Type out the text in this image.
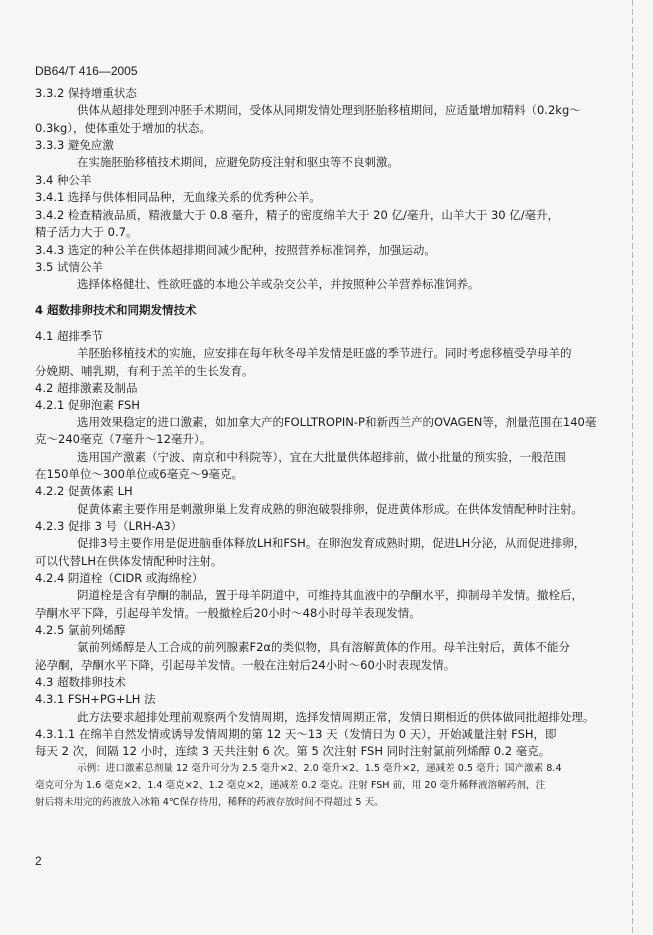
DB64/T 416—2005
3.3.2 保持增重状态
供体从超排处理到冲胚手术期间，受体从同期发情处理到胚胎移植期间，应适量增加精料（0.2kg～
0.3kg），使体重处于增加的状态。
3.3.3 避免应激
在实施胚胎移植技术期间，应避免防疫注射和驱虫等不良刺激。
3.4 种公羊
3.4.1 选择与供体相同品种，无血缘关系的优秀种公羊。
3.4.2 检查精液品质，精液量大于 0.8 毫升，精子的密度绵羊大于 20 亿/毫升，山羊大于 30 亿/毫升，
精子活力大于 0.7。
3.4.3 选定的种公羊在供体超排期间减少配种，按照营养标准饲养，加强运动。
3.5 试情公羊
选择体格健壮、性欲旺盛的本地公羊或杂交公羊，并按照种公羊营养标准饲养。
4 超数排卵技术和同期发情技术
4.1 超排季节
羊胚胎移植技术的实施，应安排在每年秋冬母羊发情是旺盛的季节进行。同时考虑移植受孕母羊的
分娩期、哺乳期，有利于羔羊的生长发育。
4.2 超排激素及制品
4.2.1 促卵泡素 FSH
选用效果稳定的进口激素，如加拿大产的FOLLTROPIN-P和新西兰产的OVAGEN等，剂量范围在140毫
克～240毫克（7毫升～12毫升）。
选用国产激素（宁波、南京和中科院等），宜在大批量供体超排前，做小批量的预实验，一般范围
在150单位～300单位或6毫克～9毫克。
4.2.2 促黄体素 LH
促黄体素主要作用是刺激卵巢上发育成熟的卵泡破裂排卵，促进黄体形成。在供体发情配种时注射。
4.2.3 促排 3 号（LRH-A3）
促排3号主要作用是促进脑垂体释放LH和FSH。在卵泡发育成熟时期，促进LH分泌，从而促进排卵，
可以代替LH在供体发情配种时注射。
4.2.4 阴道栓（CIDR 或海绵栓）
阴道栓是含有孕酮的制品，置于母羊阴道中，可维持其血液中的孕酮水平，抑制母羊发情。撤栓后，
孕酮水平下降，引起母羊发情。一般撤栓后20小时～48小时母羊表现发情。
4.2.5 氯前列烯醇
氯前列烯醇是人工合成的前列腺素F2α的类似物，具有溶解黄体的作用。母羊注射后，黄体不能分
泌孕酮，孕酮水平下降，引起母羊发情。一般在注射后24小时～60小时表现发情。
4.3 超数排卵技术
4.3.1 FSH+PG+LH 法
此方法要求超排处理前观察两个发情周期，选择发情周期正常，发情日期相近的供体做同批超排处理。
4.3.1.1 在绵羊自然发情或诱导发情周期的第 12 天～13 天（发情日为 0 天），开始减量注射 FSH，即
每天 2 次，间隔 12 小时，连续 3 天共注射 6 次。第 5 次注射 FSH 同时注射氯前列烯醇 0.2 毫克。
示例：进口激素总剂量 12 毫升可分为 2.5 毫升×2、2.0 毫升×2、1.5 毫升×2，递减差 0.5 毫升；国产激素 8.4
毫克可分为 1.6 毫克×2、1.4 毫克×2、1.2 毫克×2，递减差 0.2 毫克。注射 FSH 前，用 20 毫升稀释液溶解药剂，注
射后将未用完的药液放入冰箱 4℃保存待用，稀释的药液存放时间不得超过 5 天。
2
